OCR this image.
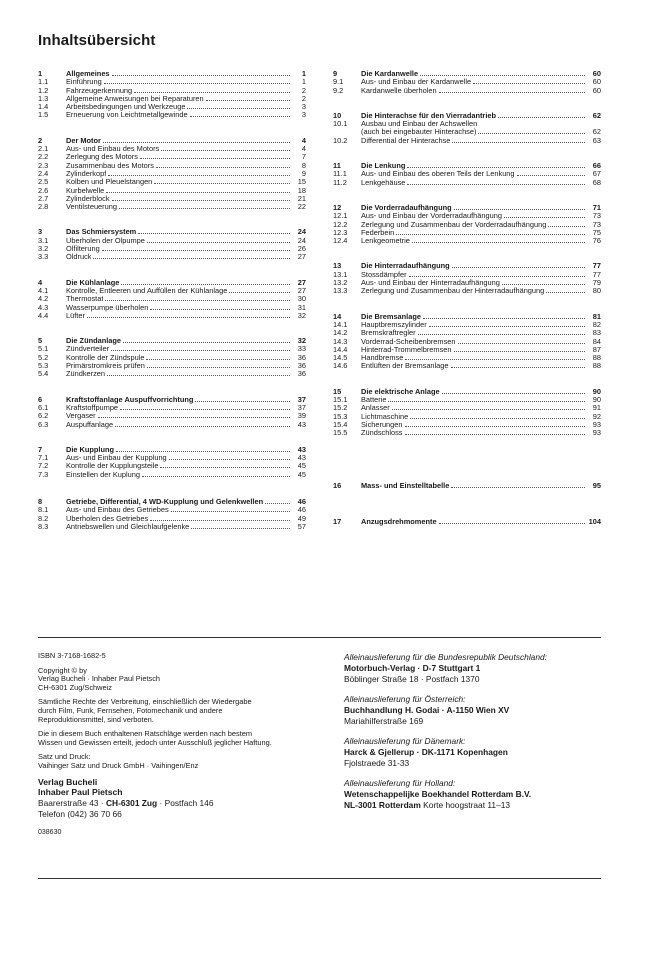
Inhaltsübersicht
1	Allgemeines	1
1.1	Einführung	1
1.2	Fahrzeugerkennung	2
1.3	Allgemeine Anweisungen bei Reparaturen	2
1.4	Arbeitsbedingungen und Werkzeuge	3
1.5	Erneuerung von Leichtmetallgewinde	3
2	Der Motor	4
2.1	Aus- und Einbau des Motors	4
2.2	Zerlegung des Motors	7
2.3	Zusammenbau des Motors	8
2.4	Zylinderkopf	9
2.5	Kolben und Pleuelstangen	15
2.6	Kurbelwelle	18
2.7	Zylinderblock	21
2.8	Ventilsteuerung	22
3	Das Schmiersystem	24
3.1	Überholen der Ölpumpe	24
3.2	Ölfilterung	26
3.3	Öldruck	27
4	Die Kühlanlage	27
4.1	Kontrolle, Entleeren und Auffüllen der Kühlanlage	27
4.2	Thermostat	30
4.3	Wasserpumpe überholen	31
4.4	Lüfter	32
5	Die Zündanlage	32
5.1	Zündverteiler	33
5.2	Kontrolle der Zündspule	36
5.3	Primärstromkreis prüfen	36
5.4	Zündkerzen	36
6	Kraftstoffanlage Auspuffvorrichtung	37
6.1	Kraftstoffpumpe	37
6.2	Vergaser	39
6.3	Auspuffanlage	43
7	Die Kupplung	43
7.1	Aus- und Einbau der Kupplung	43
7.2	Kontrolle der Kupplungsteile	45
7.3	Einstellen der Kuplung	45
8	Getriebe, Differential, 4 WD-Kupplung und Gelenkwellen	46
8.1	Aus- und Einbau des Getriebes	46
8.2	Überholen des Getriebes	49
8.3	Antriebswellen und Gleichlaufgelenke	57
9	Die Kardanwelle	60
9.1	Aus- und Einbau der Kardanwelle	60
9.2	Kardanwelle überholen	60
10	Die Hinterachse für den Vierradantrieb	62
10.1	Ausbau und Einbau der Achswellen
(auch bei eingebauter Hinterachse)	62
10.2	Differential der Hinterachse	63
11	Die Lenkung	66
11.1	Aus- und Einbau des oberen Teils der Lenkung	67
11.2	Lenkgehäuse	68
12	Die Vorderradaufhängung	71
12.1	Aus- und Einbau der Vorderradaufhängung	73
12.2	Zerlegung und Zusammenbau der Vorderradaufhängung	73
12.3	Federbein	75
12.4	Lenkgeometrie	76
13	Die Hinterradaufhängung	77
13.1	Stossdämpfer	77
13.2	Aus- und Einbau der Hinterradaufhängung	79
13.3	Zerlegung und Zusammenbau der Hinterradaufhängung	80
14	Die Bremsanlage	81
14.1	Hauptbremszylinder	82
14.2	Bremskraftregler	83
14.3	Vorderrad-Scheibenbremsen	84
14.4	Hinterrad-Trommelbremsen	87
14.5	Handbremse	88
14.6	Entlüften der Bremsanlage	88
15	Die elektrische Anlage	90
15.1	Batterie	90
15.2	Anlasser	91
15.3	Lichtmaschine	92
15.4	Sicherungen	93
15.5	Zündschloss	93
16	Mass- und Einstelltabelle	95
17	Anzugsdrehmomente	104

ISBN 3-7168-1682-5

Copyright © by
Verlag Bucheli · Inhaber Paul Pietsch
CH-6301 Zug/Schweiz

Sämtliche Rechte der Verbreitung, einschließlich der Wiedergabe
durch Film, Funk, Fernsehen, Fotomechanik und andere
Reproduktionsmittel, sind verboten.

Die in diesem Buch enthaltenen Ratschläge werden nach bestem
Wissen und Gewissen erteilt, jedoch unter Ausschluß jeglicher Haftung.

Satz und Druck:
Vaihinger Satz und Druck GmbH · Vaihingen/Enz

Verlag Bucheli
Inhaber Paul Pietsch

Baarerstraße 43 · CH-6301 Zug · Postfach 146

Telefon (042) 36 70 66

038630

Alleinauslieferung für die Bundesrepublik Deutschland:
Motorbuch-Verlag · D-7 Stuttgart 1
Böblinger Straße 18 · Postfach 1370
Alleinauslieferung für Österreich:
Buchhandlung H. Godai · A-1150 Wien XV
Mariahilferstraße 169
Alleinauslieferung für Dänemark:
Harck & Gjellerup · DK-1171 Kopenhagen
Fjolstraede 31-33
Alleinauslieferung für Holland:
Wetenschappelijke Boekhandel Rotterdam B.V.
NL-3001 Rotterdam Korte hoogstraat 11–13
